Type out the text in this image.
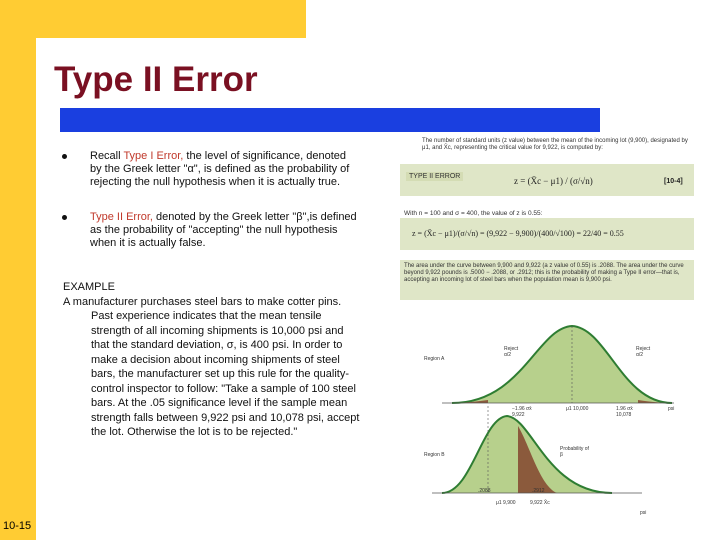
Type II Error
Recall Type I Error, the level of significance, denoted by the Greek letter "α", is defined as the probability of rejecting the null hypothesis when it is actually true.
Type II Error, denoted by the Greek letter "β",is defined as the probability of "accepting" the null hypothesis when it is actually false.

EXAMPLE

A manufacturer purchases steel bars to make cotter pins. Past experience indicates that the mean tensile strength of all incoming shipments is 10,000 psi and that the standard deviation, σ, is 400 psi. In order to make a decision about incoming shipments of steel bars, the manufacturer set up this rule for the quality-control inspector to follow: "Take a sample of 100 steel bars. At the .05 significance level if the sample mean strength falls between 9,922 psi and 10,078 psi, accept the lot. Otherwise the lot is to be rejected."

The number of standard units (z value) between the mean of the incoming lot (9,900), designated by μ1, and X̄c, representing the critical value for 9,922, is computed by:
TYPE II ERROR	z = (X̄c − μ1) / (σ/√n)	[10-4]
With n = 100 and σ = 400, the value of z is 0.55:
z = (X̄c − μ1)/(σ/√n) = (9,922 − 9,900)/(400/√100) = 22/40 = 0.55
The area under the curve between 9,900 and 9,922 (a z value of 0.55) is .2088. The area under the curve beyond 9,922 pounds is .5000 − .2088, or .2912; this is the probability of making a Type II error—that is, accepting an incoming lot of steel bars when the population mean is 9,900 psi.
Region A
Reject α/2
Reject α/2
−1.96 σx̄ 9,922
μ1 10,000	1.96 σx̄ 10,078
psi
Region B
Probability of β
.2088	.2912
μ1 9,900	9,922 X̄c
psi
10-15
